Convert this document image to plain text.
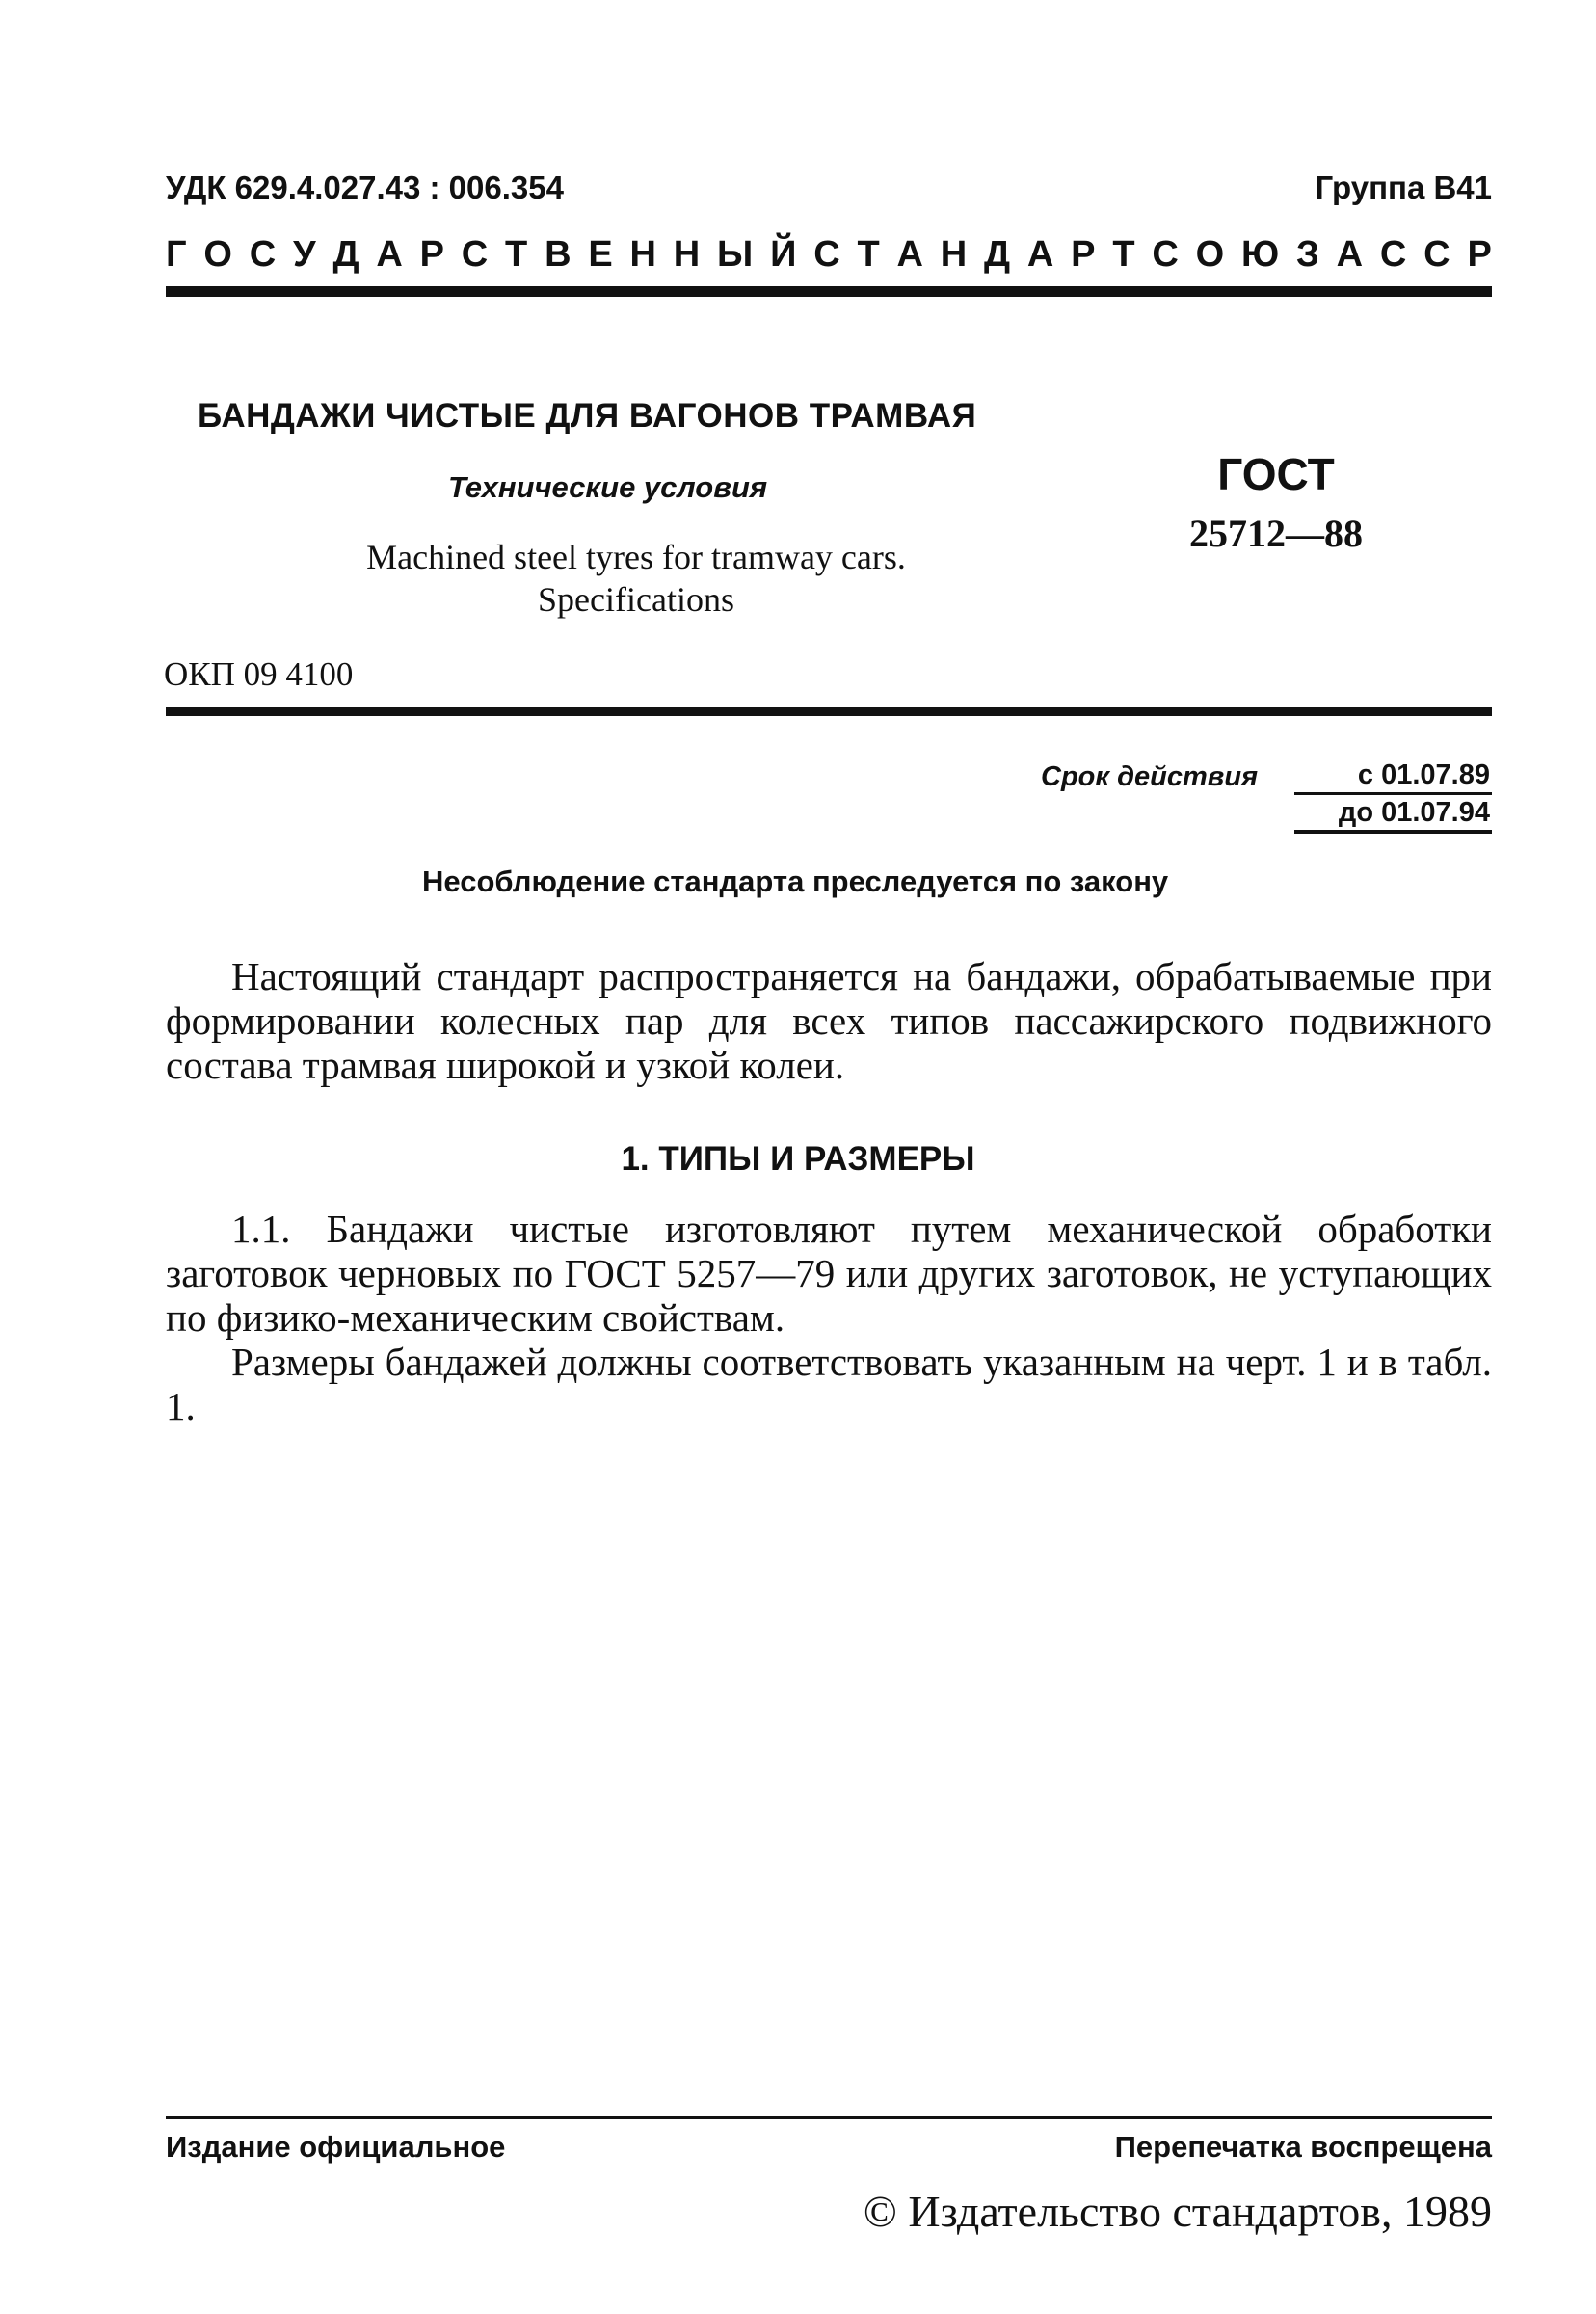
УДК 629.4.027.43 : 006.354	Группа В41
Г О С У Д А Р С Т В Е Н Н Ы Й С Т А Н Д А Р Т С О Ю З А С С Р
БАНДАЖИ ЧИСТЫЕ ДЛЯ ВАГОНОВ ТРАМВАЯ
Технические условия
Machined steel tyres for tramway cars.
Specifications
ГОСТ
25712—88
ОКП 09 4100
Срок действия	с 01.07.89
до 01.07.94
Несоблюдение стандарта преследуется по закону

Настоящий стандарт распространяется на бандажи, обрабатываемые при формировании колесных пар для всех типов пассажирского подвижного состава трамвая широкой и узкой колеи.

1. ТИПЫ И РАЗМЕРЫ

1.1. Бандажи чистые изготовляют путем механической обработки заготовок черновых по ГОСТ 5257—79 или других заготовок, не уступающих по физико-механическим свойствам.

Размеры бандажей должны соответствовать указанным на черт. 1 и в табл. 1.

Издание официальное	Перепечатка воспрещена
© Издательство стандартов, 1989
